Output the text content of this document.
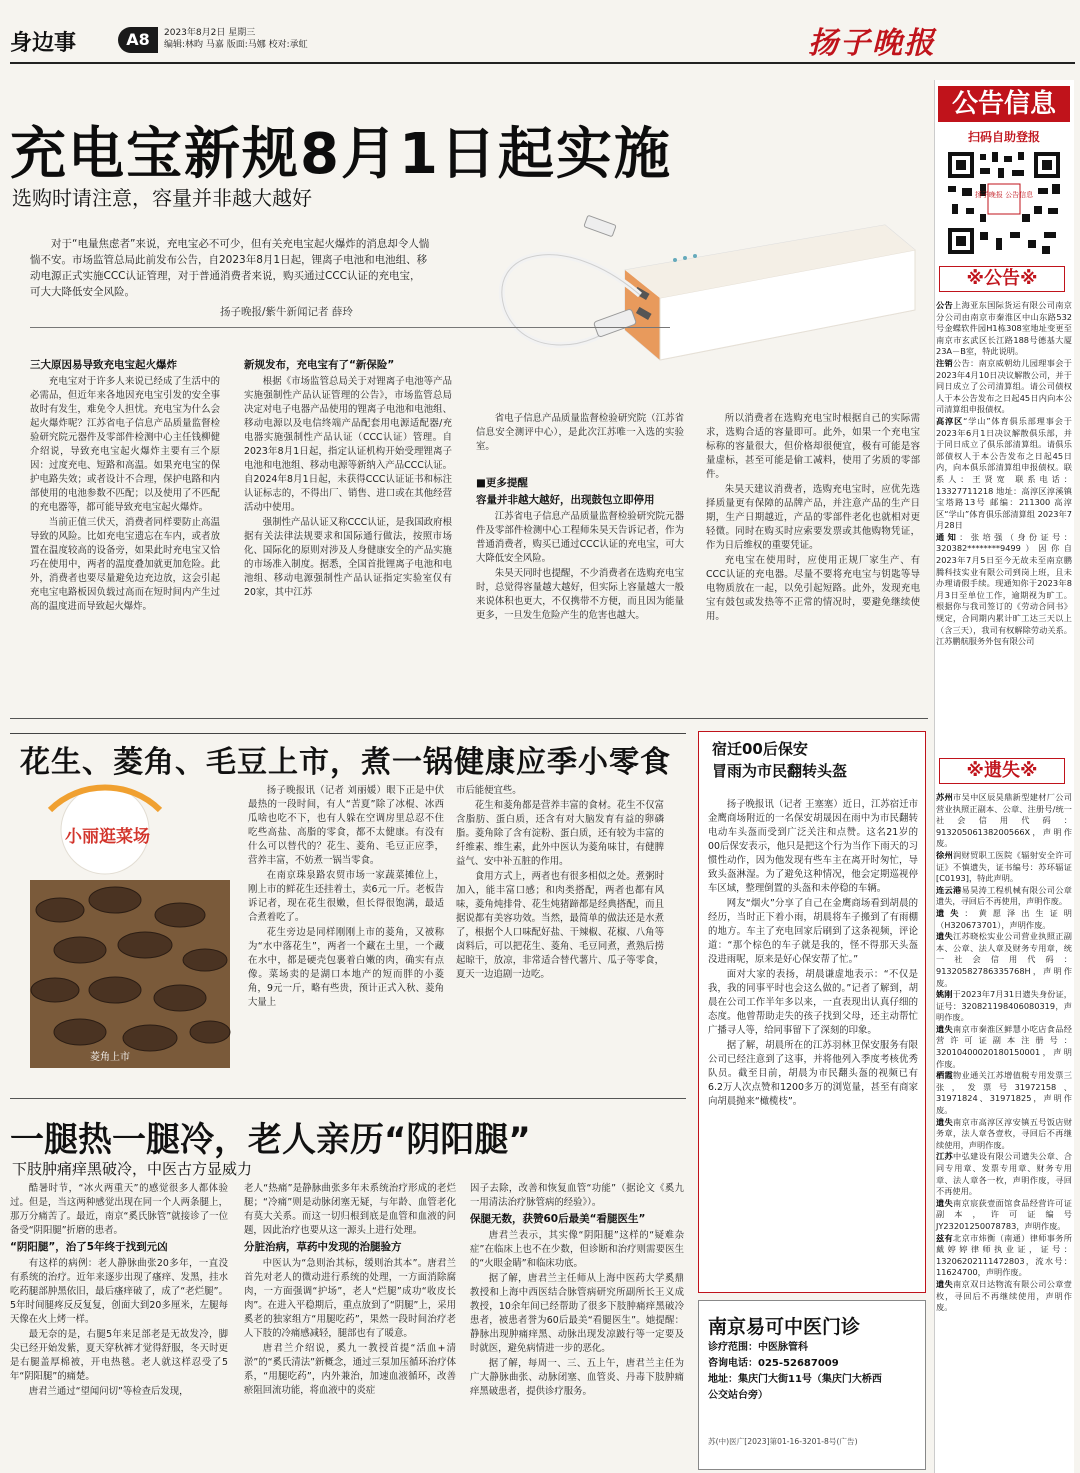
身边事	A8	2023年8月2日 星期三
编辑:林昀 马嘉 版面:马娜 校对:承虹	扬子晚报
充电宝新规8月1日起实施
选购时请注意，容量并非越大越好
对于“电量焦虑者”来说，充电宝必不可少，但有关充电宝起火爆炸的消息却令人惴惴不安。市场监管总局此前发布公告，自2023年8月1日起，锂离子电池和电池组、移动电源正式实施CCC认证管理，对于普通消费者来说，购买通过CCC认证的充电宝，可大大降低安全风险。
扬子晚报/紫牛新闻记者 薛玲
三大原因易导致充电宝起火爆炸

充电宝对于许多人来说已经成了生活中的必需品，但近年来各地因充电宝引发的安全事故时有发生，难免令人担忧。充电宝为什么会起火爆炸呢？江苏省电子信息产品质量监督检验研究院元器件及零部件检测中心主任钱柳健介绍说，导致充电宝起火爆炸主要有三个原因：过度充电、短路和高温。如果充电宝的保护电路失效；或者设计不合理，保护电路和内部使用的电池参数不匹配；以及使用了不匹配的充电器等，都可能导致充电宝起火爆炸。

当前正值三伏天，消费者同样要防止高温导致的风险。比如充电宝遗忘在车内，或者放置在温度较高的设备旁，如果此时充电宝又恰巧在使用中，两者的温度叠加就更加危险。此外，消费者也要尽量避免边充边放，这会引起充电宝电路板因负载过高而在短时间内产生过高的温度进而导致起火爆炸。

新规发布，充电宝有了“新保险”

根据《市场监管总局关于对锂离子电池等产品实施强制性产品认证管理的公告》，市场监管总局决定对电子电器产品使用的锂离子电池和电池组、移动电源以及电信终端产品配套用电源适配器/充电器实施强制性产品认证（CCC认证）管理。自2023年8月1日起，指定认证机构开始受理锂离子电池和电池组、移动电源等新纳入产品CCC认证。自2024年8月1日起，未获得CCC认证证书和标注认证标志的，不得出厂、销售、进口或在其他经营活动中使用。

强制性产品认证又称CCC认证，是我国政府根据有关法律法规要求和国际通行做法，按照市场化、国际化的原则对涉及人身健康安全的产品实施的市场准入制度。据悉，全国首批锂离子电池和电池组、移动电源强制性产品认证指定实验室仅有20家，其中江苏

省电子信息产品质量监督检验研究院（江苏省信息安全测评中心），是此次江苏唯一入选的实验室。

■更多提醒
容量并非越大越好，出现鼓包立即停用

江苏省电子信息产品质量监督检验研究院元器件及零部件检测中心工程师朱昊天告诉记者，作为普通消费者，购买已通过CCC认证的充电宝，可大大降低安全风险。

朱昊天同时也提醒，不少消费者在选购充电宝时，总觉得容量越大越好，但实际上容量越大一般来说体积也更大，不仅携带不方便，而且因为能量更多，一旦发生危险产生的危害也越大。

所以消费者在选购充电宝时根据自己的实际需求，选购合适的容量即可。此外，如果一个充电宝标称的容量很大，但价格却很便宜，极有可能是容量虚标，甚至可能是偷工减料，使用了劣质的零部件。

朱昊天建议消费者，选购充电宝时，应优先选择质量更有保障的品牌产品，并注意产品的生产日期，生产日期越近，产品的零部件老化也就相对更轻微。同时在购买时应索要发票或其他购物凭证，作为日后维权的重要凭证。

充电宝在使用时，应使用正规厂家生产、有CCC认证的充电器。尽量不要将充电宝与钥匙等导电物质放在一起，以免引起短路。此外，发现充电宝有鼓包或发热等不正常的情况时，要避免继续使用。

花生、菱角、毛豆上市，煮一锅健康应季小零食
小丽逛菜场
菱角上市

扬子晚报讯（记者 刘丽媛）眼下正是中伏最热的一段时间，有人“苦夏”除了冰棍、冰西瓜啥也吃不下，也有人躲在空调房里总忍不住吃些高盐、高脂的零食，都不太健康。有没有什么可以替代的？花生、菱角、毛豆正应季，营养丰富，不妨煮一锅当零食。

在南京珠泉路农贸市场一家蔬菜摊位上，刚上市的鲜花生还挂着土，卖6元一斤。老板告诉记者，现在花生很嫩，但长得很饱满，最适合煮着吃了。

花生旁边是同样刚刚上市的菱角，又被称为“水中落花生”，两者一个藏在土里，一个藏在水中，都是硬壳包裹着白嫩的肉，确实有点像。菜场卖的是湖口本地产的短而胖的小菱角，9元一斤，略有些贵，预计正式入秋、菱角大量上

市后能便宜些。

花生和菱角都是营养丰富的食材。花生不仅富含脂肪、蛋白质，还含有对大脑发育有益的卵磷脂。菱角除了含有淀粉、蛋白质，还有较为丰富的纤维素、维生素，此外中医认为菱角味甘，有健脾益气、安中补五脏的作用。

食用方式上，两者也有很多相似之处。煮粥时加入，能丰富口感；和肉类搭配，两者也都有风味，菱角炖排骨、花生炖猪蹄都是经典搭配，而且据说都有美容功效。当然，最简单的做法还是水煮了，根据个人口味配好盐、干辣椒、花椒、八角等卤料后，可以把花生、菱角、毛豆同煮，煮熟后捞起晾干，放凉，非常适合替代薯片、瓜子等零食，夏天一边追剧一边吃。

宿迁00后保安
冒雨为市民翻转头盔

扬子晚报讯（记者 王塞塞）近日，江苏宿迁市金鹰商场附近的一名保安胡晟因在雨中为市民翻转电动车头盔而受到广泛关注和点赞。这名21岁的00后保安表示，他只是把这个行为当作下雨天的习惯性动作，因为他发现有些车主在离开时匆忙，导致头盔淋湿。为了避免这种情况，他会定期巡视停车区域，整理倒置的头盔和未停稳的车辆。

网友“烟火”分享了自己在金鹰商场看到胡晨的经历，当时正下着小雨，胡晨将车子搬到了有雨棚的地方。车主了充电回家后刷到了这条视频，评论道：“那个棕色的车子就是我的，怪不得那天头盔没进雨呢，原来是好心保安帮了忙。”

面对大家的表扬，胡晨谦虚地表示：“不仅是我，我的同事平时也会这么做的。”记者了解到，胡晨在公司工作半年多以来，一直表现出认真仔细的态度。他曾帮助走失的孩子找到父母，还主动帮忙广播寻人等，给同事留下了深刻的印象。

据了解，胡晨所在的江苏羽林卫保安服务有限公司已经注意到了这事，并将他列入季度考核优秀队员。截至目前，胡晨为市民翻头盔的视频已有6.2万人次点赞和1200多万的浏览量，甚至有商家向胡晨抛来“橄榄枝”。

一腿热一腿冷，老人亲历“阴阳腿”
下肢肿痛痒黑破冷，中医古方显威力

酷暑时节，“冰火两重天”的感觉很多人都体验过。但是，当这两种感觉出现在同一个人两条腿上，那万分痛苦了。最近，南京“奚氏脉管”就接诊了一位备受“阴阳腿”折磨的患者。

“阴阳腿”，治了5年终于找到元凶

有这样的病例：老人静脉曲张20多年，一直没有系统的治疗。近年来逐步出现了瘙痒、发黑，挂水吃药腿部肿黑依旧，最后瘙痒破了，成了“老烂腿”。5年时间腿疼反反复复，创面大到20多厘米，左腿每天像在火上烤一样。

最无奈的是，右腿5年来足部老是无故发冷，脚尖已经开始发紫，夏天穿秋裤才觉得舒服，冬天时更是右腿盖厚棉被，开电热毯。老人就这样忍受了5年“阴阳腿”的痛楚。

唐君兰通过“望闻问切”等检查后发现，

老人“热痛”是静脉曲张多年未系统治疗形成的老烂腿；“冷痛”则是动脉闭塞无疑，与年龄、血管老化有莫大关系。而这一切归根到底是血管和血液的问题，因此治疗也要从这一源头上进行处理。

分脏治病，草药中发现的治腿验方

中医认为“急则治其标，缓则治其本”。唐君兰首先对老人的微动进行系统的处理，一方面消除腐肉，一方面强调“护场”，老人“烂腿”成功“收皮长肉”。在进入平稳期后，重点放到了“阴腿”上，采用奚老的独家组方“用腿吃药”，果然一段时间治疗老人下肢的冷痛感减轻，腿部也有了暖意。

唐君兰介绍说，奚九一教授首提“活血+清淤”的“奚氏清法”新概念，通过三泵加压循环治疗体系，“用腿吃药”，内外兼治，加速血液循环，改善瘀阻回流功能，将血液中的炎症

因子去除，改善和恢复血管“功能”（据论文《奚九一用清法治疗脉管病的经验》）。

保腿无数，获赞60后最美“看腿医生”

唐君兰表示，其实像“阴阳腿”这样的“疑难杂症”在临床上也不在少数，但诊断和治疗则需要医生的“火眼金睛”和临床功底。

据了解，唐君兰主任师从上海中医药大学奚鼎教授和上海中西医结合脉管病研究所副所长王义成教授，10余年间已经帮助了很多下肢肿痛痒黑破冷患者，被患者誉为60后最美“看腿医生”。她提醒：静脉出现肿痛痒黑、动脉出现发凉跛行等一定要及时就医，避免病情进一步的恶化。

据了解，每周一、三、五上午，唐君兰主任为广大静脉曲张、动脉闭塞、血管炎、丹毒下肢肿痛痒黑破患者，提供诊疗服务。

南京易可中医门诊
诊疗范围：中医脉管科
咨询电话：025-52687009
地址：集庆门大街11号（集庆门大桥西
公交站台旁）
苏(中)医广[2023]第01-16-3201-8号(广告)
公告信息
扫码自助登报
扬子晚报 公告信息
※公告※
公告上海亚东国际货运有限公司南京分公司由南京市秦淮区中山东路532号金蝶软件园H1栋308室地址变更至南京市玄武区长江路188号德基大厦23A－B室，特此说明。
注销公告：南京威朝幼儿园理事会于2023年4月10日决议解散公司，并于同日成立了公司清算组。请公司债权人于本公告发布之日起45日内向本公司清算组申报债权。
高淳区“学山”体育俱乐部理事会于2023年6月1日决议解散俱乐部，并于同日成立了俱乐部清算组。请俱乐部债权人于本公告发布之日起45日内，向本俱乐部清算组申报债权。联系人：王贤宽 联系电话：13327711218 地址：高淳区淳溪镇宝塔路13号 邮编：211300 高淳区“学山”体育俱乐部清算组 2023年7月28日
通知：张培强（身份证号：320382********9499）因你自2023年7月5日至今无故未至南京鹏腾科技实业有限公司到岗上班，且未办理请假手续。现通知你于2023年8月3日至单位工作，逾期视为旷工。根据你与我司签订的《劳动合同书》规定，合同期内累计旷工达三天以上（含三天），我司有权解除劳动关系。江苏鹏航服务外包有限公司
※遗失※
苏州市吴中区辰昊鼎新型建材厂公司营业执照正副本、公章、注册号/统一社会信用代码：91320506138200566X，声明作废。
徐州润财贸职工医院《辐射安全许可证》不慎遗失，证书编号：苏环辐证[C0193]，特此声明。
连云港易昊涛工程机械有限公司公章遗失，寻回后不再使用，声明作废。
遗失：黄愿泽出生证明（H320673701），声明作废。
遗失江苏晓松实业公司营业执照正副本、公章、法人章及财务专用章，统一社会信用代码：91320582786335768H，声明作废。
姚刚于2023年7月31日遗失身份证，证号：320821198406080319，声明作废。
遗失南京市秦淮区鲜慧小吃店食品经营许可证副本注册号：32010400020180150001，声明作废。
栖霞物业通关江苏增值税专用发票三张，发票号31972158、31971824、31971825，声明作废。
遗失南京市高淳区淳安镇五号饭店财务章，法人章各壹枚，寻回后不再继续使用，声明作废。
江苏中弘建设有限公司遗失公章、合同专用章、发票专用章、财务专用章、法人章各一枚，声明作废，寻回不再使用。
遗失南京宸荻壹面馆食品经营许可证副本，许可证编号JY23201250078783，声明作废。
兹有北京市炜衡（南通）律师事务所戴婷婷律师执业证，证号：13206202111472803，流水号：11624700，声明作废。
遗失南京双日达物流有限公司公章壹枚，寻回后不再继续使用，声明作废。
